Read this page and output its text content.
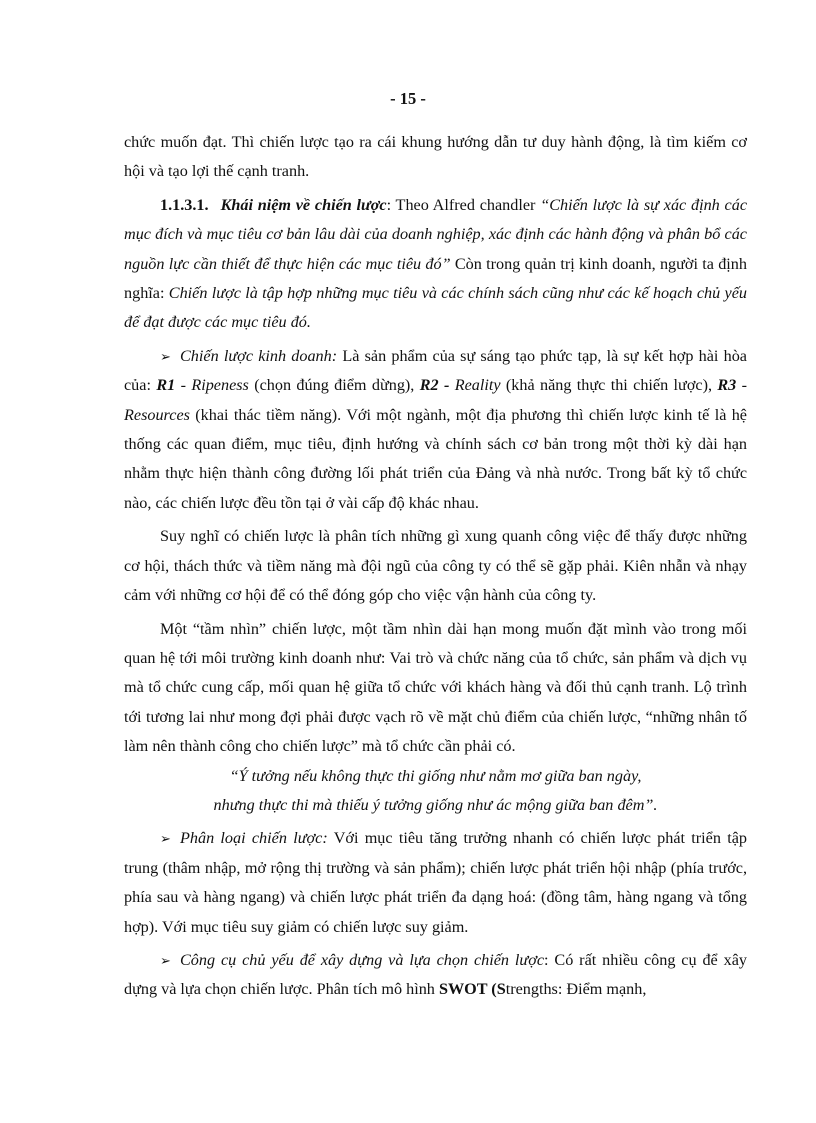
- 15 -

chức muốn đạt. Thì chiến lược tạo ra cái khung hướng dẫn tư duy hành động, là tìm kiếm cơ hội và tạo lợi thế cạnh tranh.

1.1.3.1. Khái niệm về chiến lược: Theo Alfred chandler “Chiến lược là sự xác định các mục đích và mục tiêu cơ bản lâu dài của doanh nghiệp, xác định các hành động và phân bổ các nguồn lực cần thiết để thực hiện các mục tiêu đó” Còn trong quản trị kinh doanh, người ta định nghĩa: Chiến lược là tập hợp những mục tiêu và các chính sách cũng như các kế hoạch chủ yếu để đạt được các mục tiêu đó.

➢ Chiến lược kinh doanh: Là sản phẩm của sự sáng tạo phức tạp, là sự kết hợp hài hòa của: R1 - Ripeness (chọn đúng điểm dừng), R2 - Reality (khả năng thực thi chiến lược), R3 - Resources (khai thác tiềm năng). Với một ngành, một địa phương thì chiến lược kinh tế là hệ thống các quan điểm, mục tiêu, định hướng và chính sách cơ bản trong một thời kỳ dài hạn nhằm thực hiện thành công đường lối phát triển của Đảng và nhà nước. Trong bất kỳ tổ chức nào, các chiến lược đều tồn tại ở vài cấp độ khác nhau.

Suy nghĩ có chiến lược là phân tích những gì xung quanh công việc để thấy được những cơ hội, thách thức và tiềm năng mà đội ngũ của công ty có thể sẽ gặp phải. Kiên nhẫn và nhạy cảm với những cơ hội để có thể đóng góp cho việc vận hành của công ty.

Một “tầm nhìn” chiến lược, một tầm nhìn dài hạn mong muốn đặt mình vào trong mối quan hệ tới môi trường kinh doanh như: Vai trò và chức năng của tổ chức, sản phẩm và dịch vụ mà tổ chức cung cấp, mối quan hệ giữa tổ chức với khách hàng và đối thủ cạnh tranh. Lộ trình tới tương lai như mong đợi phải được vạch rõ về mặt chủ điểm của chiến lược, “những nhân tố làm nên thành công cho chiến lược” mà tổ chức cần phải có.

“Ý tưởng nếu không thực thi giống như nằm mơ giữa ban ngày,

nhưng thực thi mà thiếu ý tưởng giống như ác mộng giữa ban đêm”.

➢ Phân loại chiến lược: Với mục tiêu tăng trưởng nhanh có chiến lược phát triển tập trung (thâm nhập, mở rộng thị trường và sản phẩm); chiến lược phát triển hội nhập (phía trước, phía sau và hàng ngang) và chiến lược phát triển đa dạng hoá: (đồng tâm, hàng ngang và tổng hợp). Với mục tiêu suy giảm có chiến lược suy giảm.

➢ Công cụ chủ yếu để xây dựng và lựa chọn chiến lược: Có rất nhiều công cụ để xây dựng và lựa chọn chiến lược. Phân tích mô hình SWOT (Strengths: Điểm mạnh,
